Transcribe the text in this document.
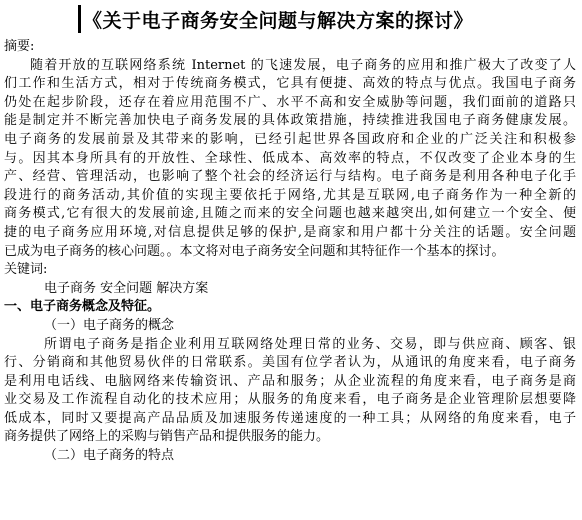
《关于电子商务安全问题与解决方案的探讨》
摘要:
随着开放的互联网络系统 Internet 的飞速发展，电子商务的应用和推广极大了改变了人
们工作和生活方式，相对于传统商务模式，它具有便捷、高效的特点与优点。我国电子商务
仍处在起步阶段，还存在着应用范围不广、水平不高和安全威胁等问题，我们面前的道路只
能是制定并不断完善加快电子商务发展的具体政策措施，持续推进我国电子商务健康发展。
电子商务的发展前景及其带来的影响，已经引起世界各国政府和企业的广泛关注和积极参
与。因其本身所具有的开放性、全球性、低成本、高效率的特点，不仅改变了企业本身的生
产、经营、管理活动，也影响了整个社会的经济运行与结构。电子商务是利用各种电子化手
段进行的商务活动,其价值的实现主要依托于网络,尤其是互联网,电子商务作为一种全新的
商务模式,它有很大的发展前途,且随之而来的安全问题也越来越突出,如何建立一个安全、便
捷的电子商务应用环境,对信息提供足够的保护,是商家和用户都十分关注的话题。安全问题
已成为电子商务的核心问题。。本文将对电子商务安全问题和其特征作一个基本的探讨。
关键词:
电子商务 安全问题 解决方案
一、电子商务概念及特征。
（一）电子商务的概念
所谓电子商务是指企业利用互联网络处理日常的业务、交易，即与供应商、顾客、银
行、分销商和其他贸易伙伴的日常联系。美国有位学者认为，从通讯的角度来看，电子商务
是利用电话线、电脑网络来传输资讯、产品和服务；从企业流程的角度来看，电子商务是商
业交易及工作流程自动化的技术应用；从服务的角度来看，电子商务是企业管理阶层想要降
低成本，同时又要提高产品品质及加速服务传递速度的一种工具；从网络的角度来看，电子
商务提供了网络上的采购与销售产品和提供服务的能力。
（二）电子商务的特点
